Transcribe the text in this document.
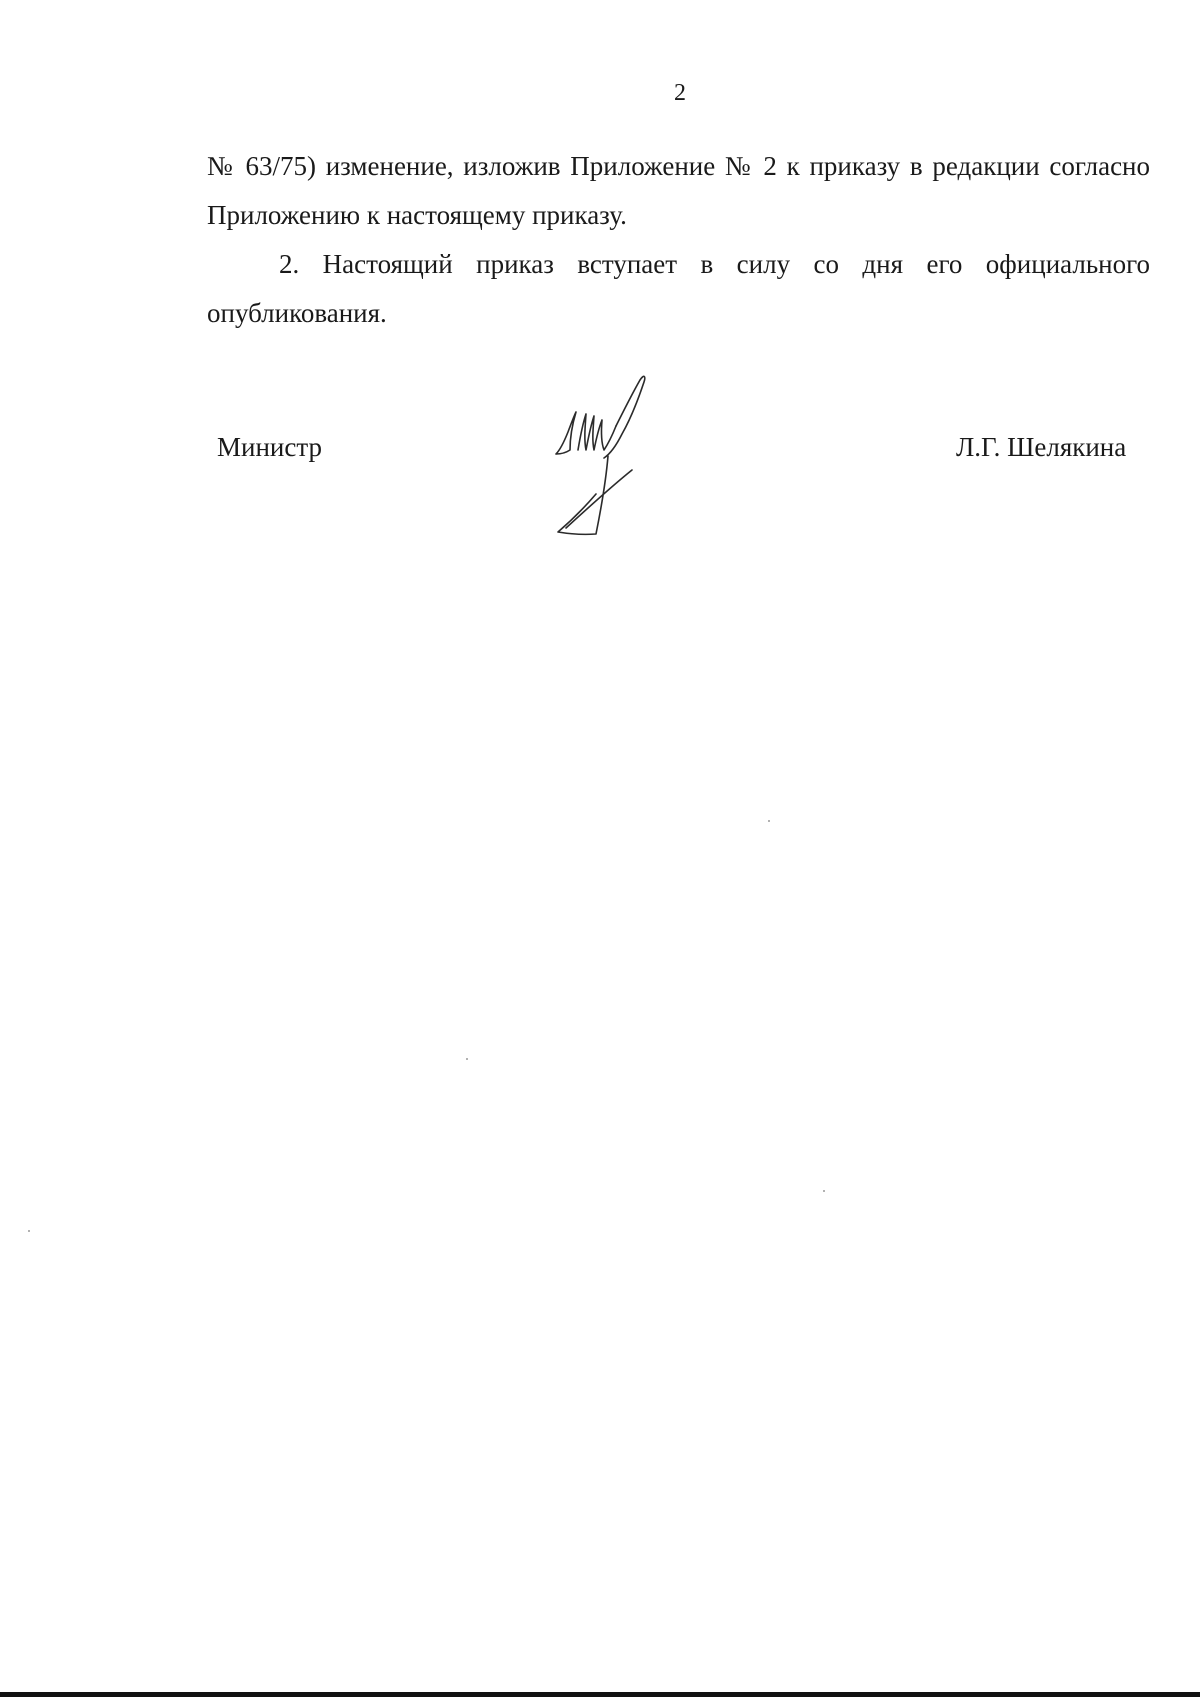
2

№ 63/75) изменение, изложив Приложение № 2 к приказу в редакции согласно Приложению к настоящему приказу.

2. Настоящий приказ вступает в силу со дня его официального опубликования.

Министр	Л.Г. Шелякина
